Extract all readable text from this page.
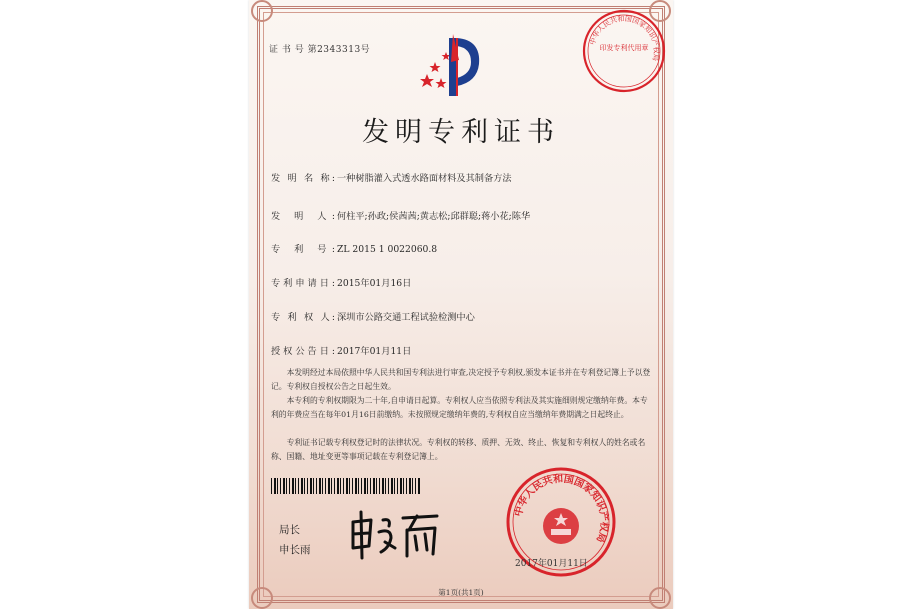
证 书 号 第2343313号
中华人民共和国国家知识产权局
印发专利代用章
发明专利证书
发 明 名 称: 一种树脂灌入式透水路面材料及其制备方法
发 明 人: 何柱平;孙政;侯茜茜;黄志松;邱群聪;蒋小花;陈华
专 利 号: ZL 2015 1 0022060.8
专利申请日: 2015年01月16日
专 利 权 人: 深圳市公路交通工程试验检测中心
授权公告日: 2017年01月11日
本发明经过本局依照中华人民共和国专利法进行审查,决定授予专利权,颁发本证书并在专利登记簿上予以登记。专利权自授权公告之日起生效。
本专利的专利权期限为二十年,自申请日起算。专利权人应当依照专利法及其实施细则规定缴纳年费。本专利的年费应当在每年01月16日前缴纳。未按照规定缴纳年费的,专利权自应当缴纳年费期满之日起终止。
专利证书记载专利权登记时的法律状况。专利权的转移、质押、无效、终止、恢复和专利权人的姓名或名称、国籍、地址变更等事项记载在专利登记簿上。
局长
申长雨
中华人民共和国国家知识产权局
2017年01月11日
第1页(共1页)
